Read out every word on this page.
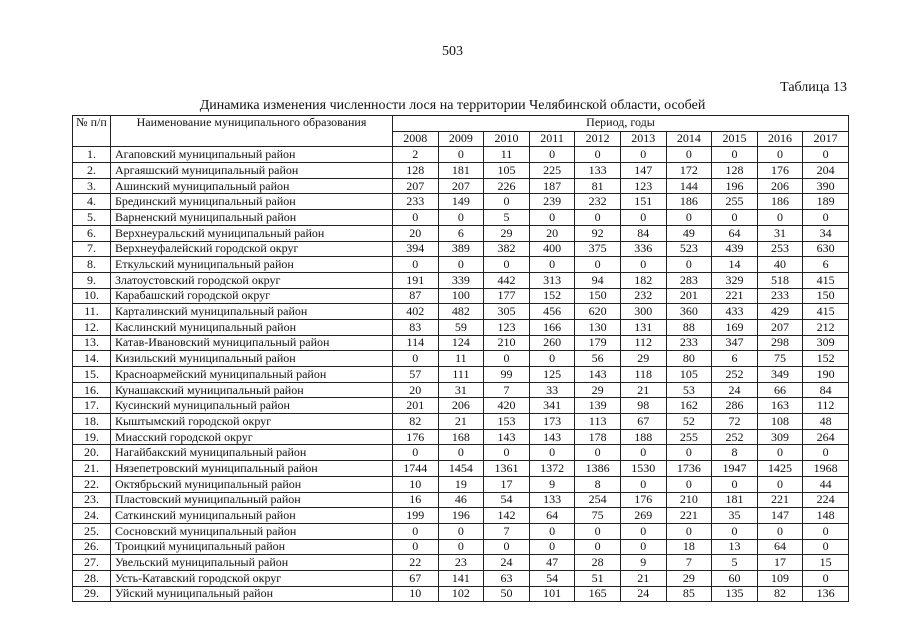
503
Таблица 13
Динамика изменения численности лося на территории Челябинской области, особей
№ п/п	Наименование муниципального образования	Период, годы									
		2008	2009	2010	2011	2012	2013	2014	2015	2016	2017
1.	Агаповский муниципальный район	2	0	11	0	0	0	0	0	0	0
2.	Аргаяшский муниципальный район	128	181	105	225	133	147	172	128	176	204
3.	Ашинский муниципальный район	207	207	226	187	81	123	144	196	206	390
4.	Брединский муниципальный район	233	149	0	239	232	151	186	255	186	189
5.	Варненский муниципальный район	0	0	5	0	0	0	0	0	0	0
6.	Верхнеуральский муниципальный район	20	6	29	20	92	84	49	64	31	34
7.	Верхнеуфалейский городской округ	394	389	382	400	375	336	523	439	253	630
8.	Еткульский муниципальный район	0	0	0	0	0	0	0	14	40	6
9.	Златоустовский городской округ	191	339	442	313	94	182	283	329	518	415
10.	Карабашский городской округ	87	100	177	152	150	232	201	221	233	150
11.	Карталинский муниципальный район	402	482	305	456	620	300	360	433	429	415
12.	Каслинский муниципальный район	83	59	123	166	130	131	88	169	207	212
13.	Катав-Ивановский муниципальный район	114	124	210	260	179	112	233	347	298	309
14.	Кизильский муниципальный район	0	11	0	0	56	29	80	6	75	152
15.	Красноармейский муниципальный район	57	111	99	125	143	118	105	252	349	190
16.	Кунашакский муниципальный район	20	31	7	33	29	21	53	24	66	84
17.	Кусинский муниципальный район	201	206	420	341	139	98	162	286	163	112
18.	Кыштымский городской округ	82	21	153	173	113	67	52	72	108	48
19.	Миасский городской округ	176	168	143	143	178	188	255	252	309	264
20.	Нагайбакский муниципальный район	0	0	0	0	0	0	0	8	0	0
21.	Нязепетровский муниципальный район	1744	1454	1361	1372	1386	1530	1736	1947	1425	1968
22.	Октябрьский муниципальный район	10	19	17	9	8	0	0	0	0	44
23.	Пластовский муниципальный район	16	46	54	133	254	176	210	181	221	224
24.	Саткинский муниципальный район	199	196	142	64	75	269	221	35	147	148
25.	Сосновский муниципальный район	0	0	7	0	0	0	0	0	0	0
26.	Троицкий муниципальный район	0	0	0	0	0	0	18	13	64	0
27.	Увельский муниципальный район	22	23	24	47	28	9	7	5	17	15
28.	Усть-Катавский городской округ	67	141	63	54	51	21	29	60	109	0
29.	Уйский муниципальный район	10	102	50	101	165	24	85	135	82	136
